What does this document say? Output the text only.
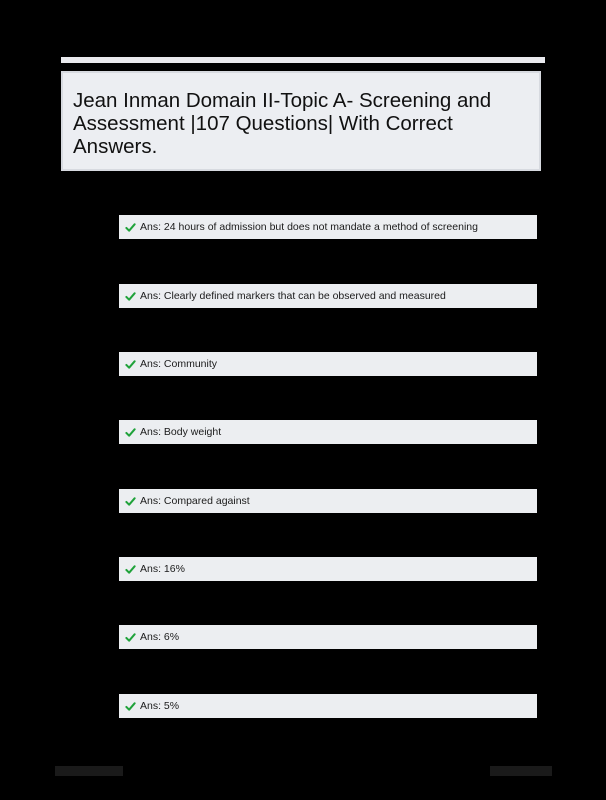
Jean Inman Domain II-Topic A- Screening and Assessment |107 Questions| With Correct Answers.
Ans: 24 hours of admission but does not mandate a method of screening
Ans: Clearly defined markers that can be observed and measured
Ans: Community
Ans: Body weight
Ans: Compared against
Ans: 16%
Ans: 6%
Ans: 5%
